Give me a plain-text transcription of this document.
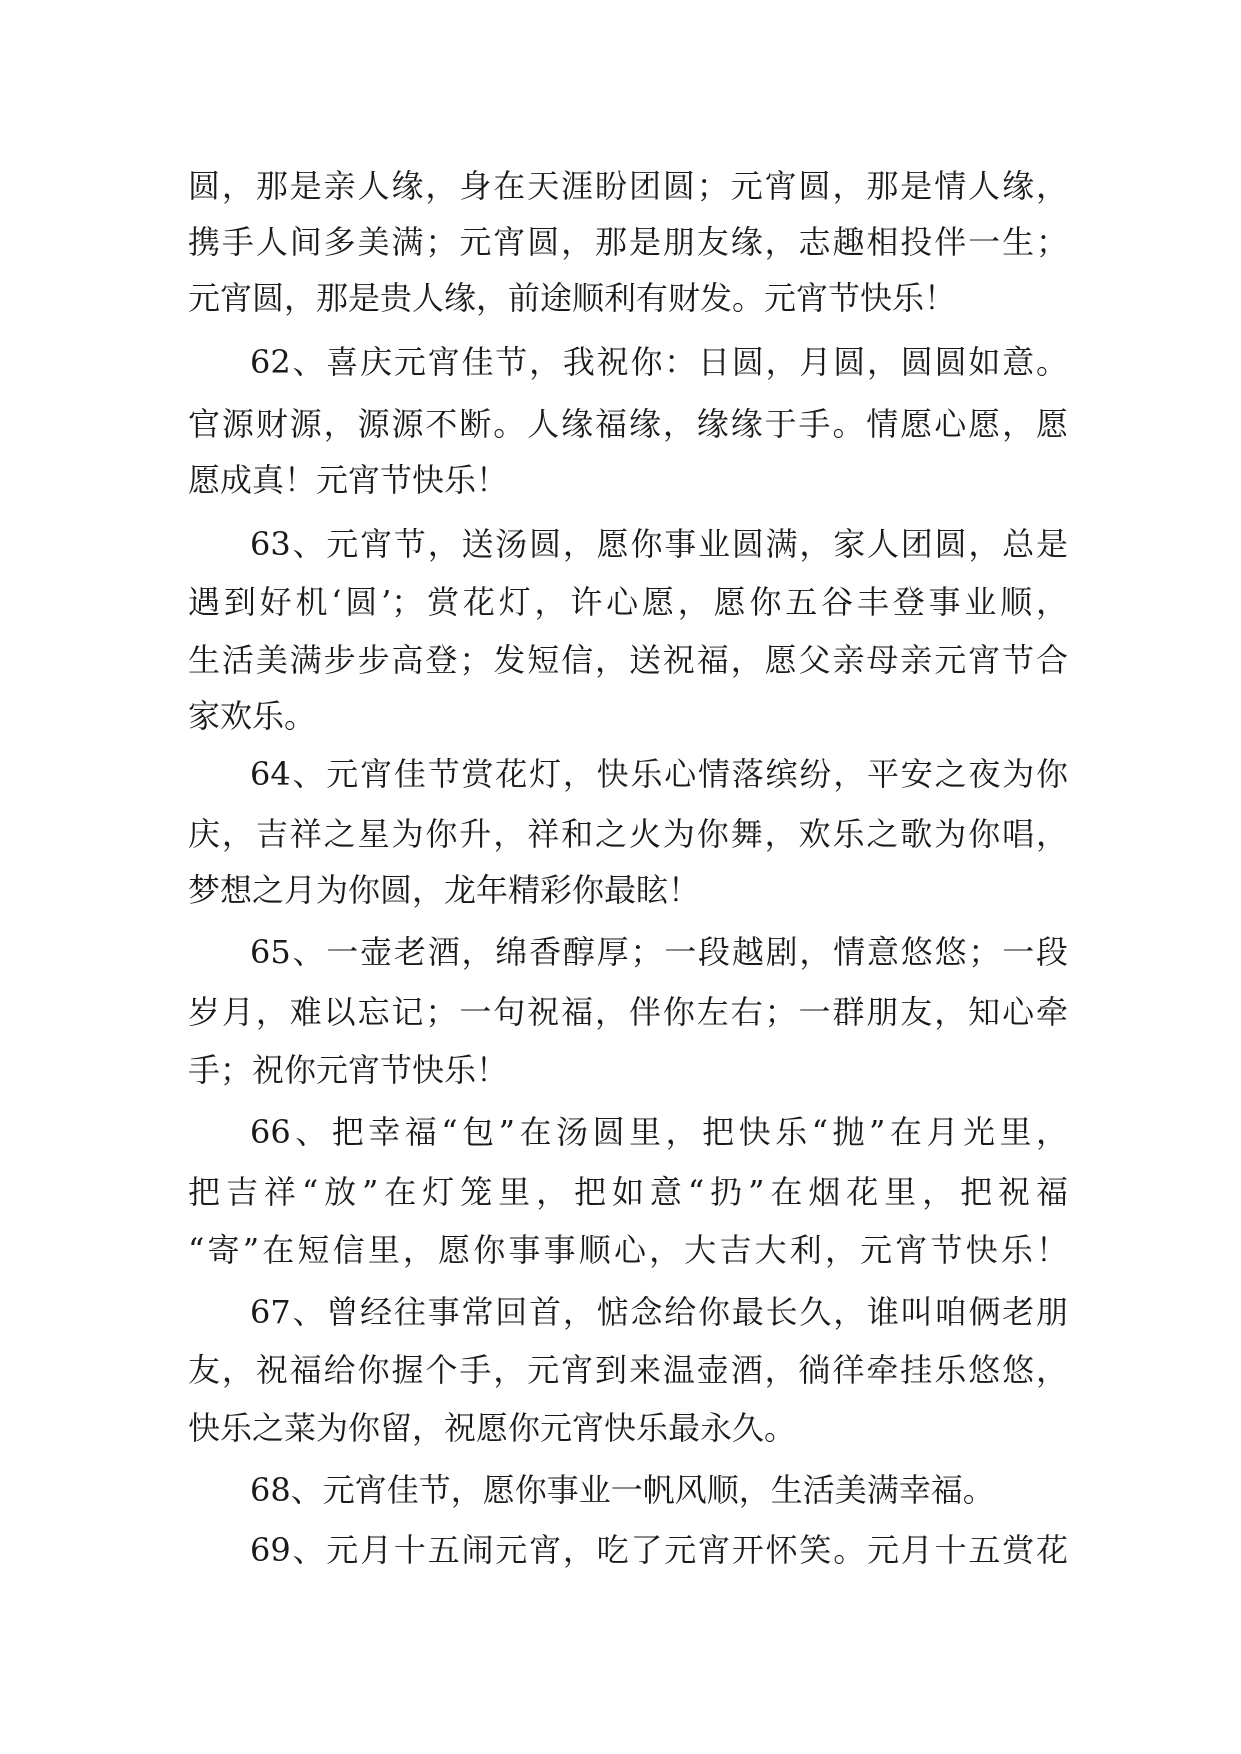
圆，那是亲人缘，身在天涯盼团圆；元宵圆，那是情人缘，
携手人间多美满；元宵圆，那是朋友缘，志趣相投伴一生；
元宵圆，那是贵人缘，前途顺利有财发。元宵节快乐！
62、喜庆元宵佳节，我祝你：日圆，月圆，圆圆如意。
官源财源，源源不断。人缘福缘，缘缘于手。情愿心愿，愿
愿成真！元宵节快乐！
63、元宵节，送汤圆，愿你事业圆满，家人团圆，总是
遇到好机‘圆’；赏花灯，许心愿，愿你五谷丰登事业顺，
生活美满步步高登；发短信，送祝福，愿父亲母亲元宵节合
家欢乐。
64、元宵佳节赏花灯，快乐心情落缤纷，平安之夜为你
庆，吉祥之星为你升，祥和之火为你舞，欢乐之歌为你唱，
梦想之月为你圆，龙年精彩你最眩！
65、一壶老酒，绵香醇厚；一段越剧，情意悠悠；一段
岁月，难以忘记；一句祝福，伴你左右；一群朋友，知心牵
手；祝你元宵节快乐！
66、把幸福“包”在汤圆里，把快乐“抛”在月光里，
把吉祥“放”在灯笼里，把如意“扔”在烟花里，把祝福
“寄”在短信里，愿你事事顺心，大吉大利，元宵节快乐！
67、曾经往事常回首，惦念给你最长久，谁叫咱俩老朋
友，祝福给你握个手，元宵到来温壶酒，徜徉牵挂乐悠悠，
快乐之菜为你留，祝愿你元宵快乐最永久。
68、元宵佳节，愿你事业一帆风顺，生活美满幸福。
69、元月十五闹元宵，吃了元宵开怀笑。元月十五赏花
